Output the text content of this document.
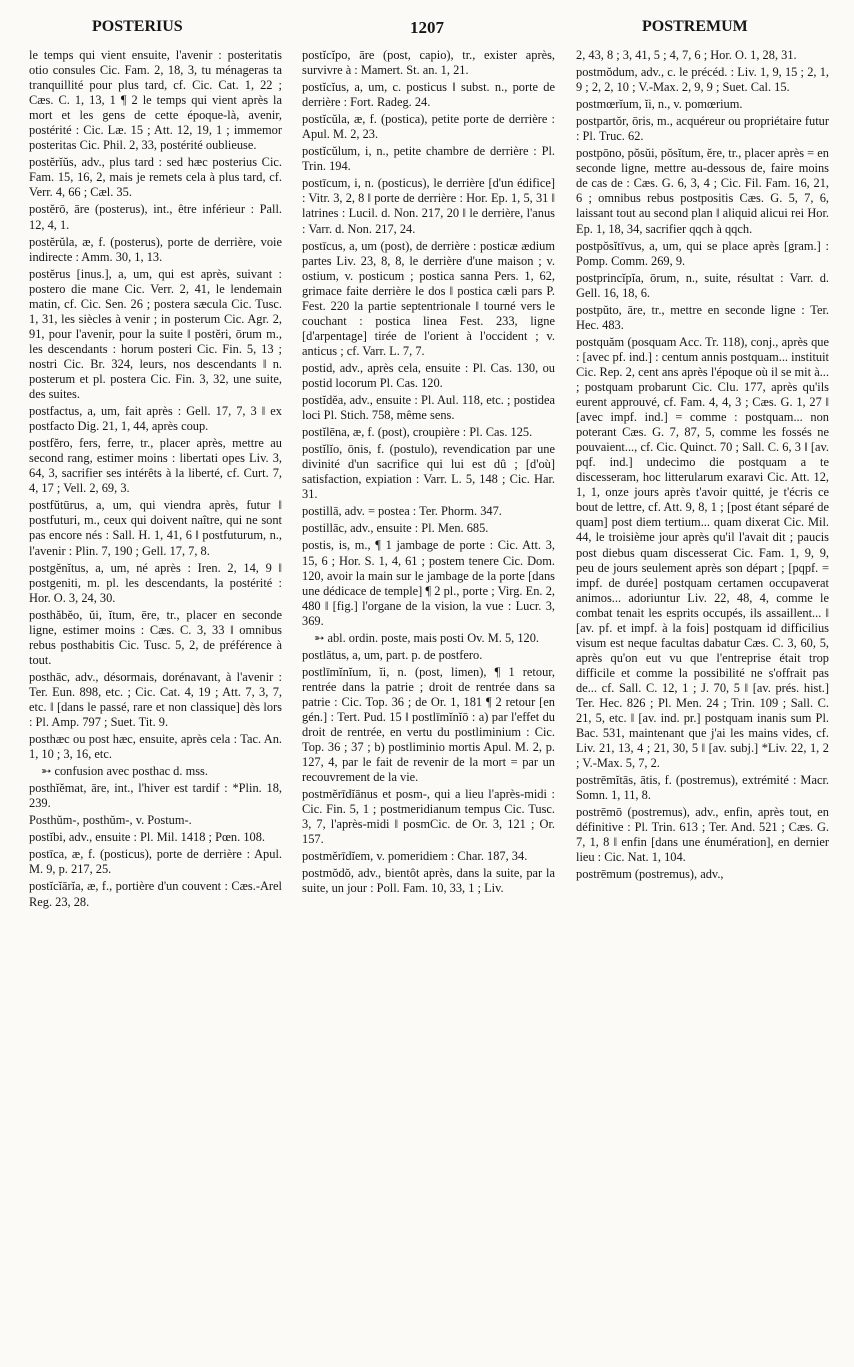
POSTERIUS	1207	POSTREMUM

le temps qui vient ensuite, l'avenir : posteritatis otio consules Cic. Fam. 2, 18, 3, tu ménageras ta tranquillité pour plus tard, cf. Cic. Cat. 1, 22 ; Cæs. C. 1, 13, 1 ¶ 2 le temps qui vient après la mort et les gens de cette époque-là, avenir, postérité : Cic. Læ. 15 ; Att. 12, 19, 1 ; immemor posteritas Cic. Phil. 2, 33, postérité oublieuse.

postĕrĭŭs, adv., plus tard : sed hæc posterius Cic. Fam. 15, 16, 2, mais je remets cela à plus tard, cf. Verr. 4, 66 ; Cæl. 35.

postĕrō, āre (posterus), int., être inférieur : Pall. 12, 4, 1.

postĕrŭla, æ, f. (posterus), porte de derrière, voie indirecte : Amm. 30, 1, 13.

postĕrus [inus.], a, um, qui est après, suivant : postero die mane Cic. Verr. 2, 41, le lendemain matin, cf. Cic. Sen. 26 ; postera sæcula Cic. Tusc. 1, 31, les siècles à venir ; in posterum Cic. Agr. 2, 91, pour l'avenir, pour la suite ‖ postĕri, ōrum m., les descendants : horum posteri Cic. Fin. 5, 13 ; nostri Cic. Br. 324, leurs, nos descendants ‖ n. posterum et pl. postera Cic. Fin. 3, 32, une suite, des suites.

postfactus, a, um, fait après : Gell. 17, 7, 3 ‖ ex postfacto Dig. 21, 1, 44, après coup.

postfĕro, fers, ferre, tr., placer après, mettre au second rang, estimer moins : libertati opes Liv. 3, 64, 3, sacrifier ses intérêts à la liberté, cf. Curt. 7, 4, 17 ; Vell. 2, 69, 3.

postfŭtūrus, a, um, qui viendra après, futur ‖ postfuturi, m., ceux qui doivent naître, qui ne sont pas encore nés : Sall. H. 1, 41, 6 ‖ postfuturum, n., l'avenir : Plin. 7, 190 ; Gell. 17, 7, 8.

postgĕnĭtus, a, um, né après : Iren. 2, 14, 9 ‖ postgeniti, m. pl. les descendants, la postérité : Hor. O. 3, 24, 30.

posthăbĕo, ŭi, ĭtum, ēre, tr., placer en seconde ligne, estimer moins : Cæs. C. 3, 33 ‖ omnibus rebus posthabitis Cic. Tusc. 5, 2, de préférence à tout.

posthāc, adv., désormais, dorénavant, à l'avenir : Ter. Eun. 898, etc. ; Cic. Cat. 4, 19 ; Att. 7, 3, 7, etc. ‖ [dans le passé, rare et non classique] dès lors : Pl. Amp. 797 ; Suet. Tit. 9.

posthæc ou post hæc, ensuite, après cela : Tac. An. 1, 10 ; 3, 16, etc.

➳ confusion avec posthac d. mss.

posthĭĕmat, āre, int., l'hiver est tardif : *Plin. 18, 239.

Posthŭm-, posthŭm-, v. Postum-.

postĭbi, adv., ensuite : Pl. Mil. 1418 ; Pœn. 108.

postīca, æ, f. (posticus), porte de derrière : Apul. M. 9, p. 217, 25.

postĭcĭārĭa, æ, f., portière d'un couvent : Cæs.-Arel Reg. 23, 28.

postĭcĭpo, āre (post, capio), tr., exister après, survivre à : Mamert. St. an. 1, 21.

postĭcĭus, a, um, c. posticus ‖ subst. n., porte de derrière : Fort. Radeg. 24.

postĭcŭla, æ, f. (postica), petite porte de derrière : Apul. M. 2, 23.

postĭcŭlum, i, n., petite chambre de derrière : Pl. Trin. 194.

postīcum, i, n. (posticus), le derrière [d'un édifice] : Vitr. 3, 2, 8 ‖ porte de derrière : Hor. Ep. 1, 5, 31 ‖ latrines : Lucil. d. Non. 217, 20 ‖ le derrière, l'anus : Varr. d. Non. 217, 24.

postīcus, a, um (post), de derrière : posticæ ædium partes Liv. 23, 8, 8, le derrière d'une maison ; v. ostium, v. posticum ; postica sanna Pers. 1, 62, grimace faite derrière le dos ‖ postica cæli pars P. Fest. 220 la partie septentrionale ‖ tourné vers le couchant : postica linea Fest. 233, ligne [d'arpentage] tirée de l'orient à l'occident ; v. anticus ; cf. Varr. L. 7, 7.

postid, adv., après cela, ensuite : Pl. Cas. 130, ou postid locorum Pl. Cas. 120.

postĭdĕa, adv., ensuite : Pl. Aul. 118, etc. ; postidea loci Pl. Stich. 758, même sens.

postĭlēna, æ, f. (post), croupière : Pl. Cas. 125.

postĭlĭo, ōnis, f. (postulo), revendication par une divinité d'un sacrifice qui lui est dû ; [d'où] satisfaction, expiation : Varr. L. 5, 148 ; Cic. Har. 31.

postillā, adv. = postea : Ter. Phorm. 347.

postillāc, adv., ensuite : Pl. Men. 685.

postis, is, m., ¶ 1 jambage de porte : Cic. Att. 3, 15, 6 ; Hor. S. 1, 4, 61 ; postem tenere Cic. Dom. 120, avoir la main sur le jambage de la porte [dans une dédicace de temple] ¶ 2 pl., porte ; Virg. En. 2, 480 ‖ [fig.] l'organe de la vision, la vue : Lucr. 3, 369.

➳ abl. ordin. poste, mais posti Ov. M. 5, 120.

postlātus, a, um, part. p. de postfero.

postlīmĭnĭum, ĭi, n. (post, limen), ¶ 1 retour, rentrée dans la patrie ; droit de rentrée dans sa patrie : Cic. Top. 36 ; de Or. 1, 181 ¶ 2 retour [en gén.] : Tert. Pud. 15 ‖ postlīmĭnĭō : a) par l'effet du droit de rentrée, en vertu du postliminium : Cic. Top. 36 ; 37 ; b) postliminio mortis Apul. M. 2, p. 127, 4, par le fait de revenir de la mort = par un recouvrement de la vie.

postmĕrīdĭānus et posm-, qui a lieu l'après-midi : Cic. Fin. 5, 1 ; postmeridianum tempus Cic. Tusc. 3, 7, l'après-midi ‖ posmCic. de Or. 3, 121 ; Or. 157.

postmĕrīdĭem, v. pomeridiem : Char. 187, 34.

postmŏdŏ, adv., bientôt après, dans la suite, par la suite, un jour : Poll. Fam. 10, 33, 1 ; Liv.

2, 43, 8 ; 3, 41, 5 ; 4, 7, 6 ; Hor. O. 1, 28, 31.

postmŏdum, adv., c. le précéd. : Liv. 1, 9, 15 ; 2, 1, 9 ; 2, 2, 10 ; V.-Max. 2, 9, 9 ; Suet. Cal. 15.

postmœrĭum, ĭi, n., v. pomœrium.

postpartŏr, ōris, m., acquéreur ou propriétaire futur : Pl. Truc. 62.

postpōno, pŏsŭi, pŏsĭtum, ĕre, tr., placer après = en seconde ligne, mettre au-dessous de, faire moins de cas de : Cæs. G. 6, 3, 4 ; Cic. Fil. Fam. 16, 21, 6 ; omnibus rebus postpositis Cæs. G. 5, 7, 6, laissant tout au second plan ‖ aliquid alicui rei Hor. Ep. 1, 18, 34, sacrifier qqch à qqch.

postpŏsĭtīvus, a, um, qui se place après [gram.] : Pomp. Comm. 269, 9.

postprincĭpĭa, ōrum, n., suite, résultat : Varr. d. Gell. 16, 18, 6.

postpŭto, āre, tr., mettre en seconde ligne : Ter. Hec. 483.

postquăm (posquam Acc. Tr. 118), conj., après que : [avec pf. ind.] : centum annis postquam... instituit Cic. Rep. 2, cent ans après l'époque où il se mit à... ; postquam probarunt Cic. Clu. 177, après qu'ils eurent approuvé, cf. Fam. 4, 4, 3 ; Cæs. G. 1, 27 ‖ [avec impf. ind.] = comme : postquam... non poterant Cæs. G. 7, 87, 5, comme les fossés ne pouvaient..., cf. Cic. Quinct. 70 ; Sall. C. 6, 3 ‖ [av. pqf. ind.] undecimo die postquam a te discesseram, hoc litterularum exaravi Cic. Att. 12, 1, 1, onze jours après t'avoir quitté, je t'écris ce bout de lettre, cf. Att. 9, 8, 1 ; [post étant séparé de quam] post diem tertium... quam dixerat Cic. Mil. 44, le troisième jour après qu'il l'avait dit ; paucis post diebus quam discesserat Cic. Fam. 1, 9, 9, peu de jours seulement après son départ ; [pqpf. = impf. de durée] postquam certamen occupaverat animos... adoriuntur Liv. 22, 48, 4, comme le combat tenait les esprits occupés, ils assaillent... ‖ [av. pf. et impf. à la fois] postquam id difficilius visum est neque facultas dabatur Cæs. C. 3, 60, 5, après qu'on eut vu que l'entreprise était trop difficile et comme la possibilité ne s'offrait pas de... cf. Sall. C. 12, 1 ; J. 70, 5 ‖ [av. prés. hist.] Ter. Hec. 826 ; Pl. Men. 24 ; Trin. 109 ; Sall. C. 21, 5, etc. ‖ [av. ind. pr.] postquam inanis sum Pl. Bac. 531, maintenant que j'ai les mains vides, cf. Liv. 21, 13, 4 ; 21, 30, 5 ‖ [av. subj.] *Liv. 22, 1, 2 ; V.-Max. 5, 7, 2.

postrēmĭtās, ātis, f. (postremus), extrémité : Macr. Somn. 1, 11, 8.

postrēmō (postremus), adv., enfin, après tout, en définitive : Pl. Trin. 613 ; Ter. And. 521 ; Cæs. G. 7, 1, 8 ‖ enfin [dans une énumération], en dernier lieu : Cic. Nat. 1, 104.

postrēmum (postremus), adv.,
